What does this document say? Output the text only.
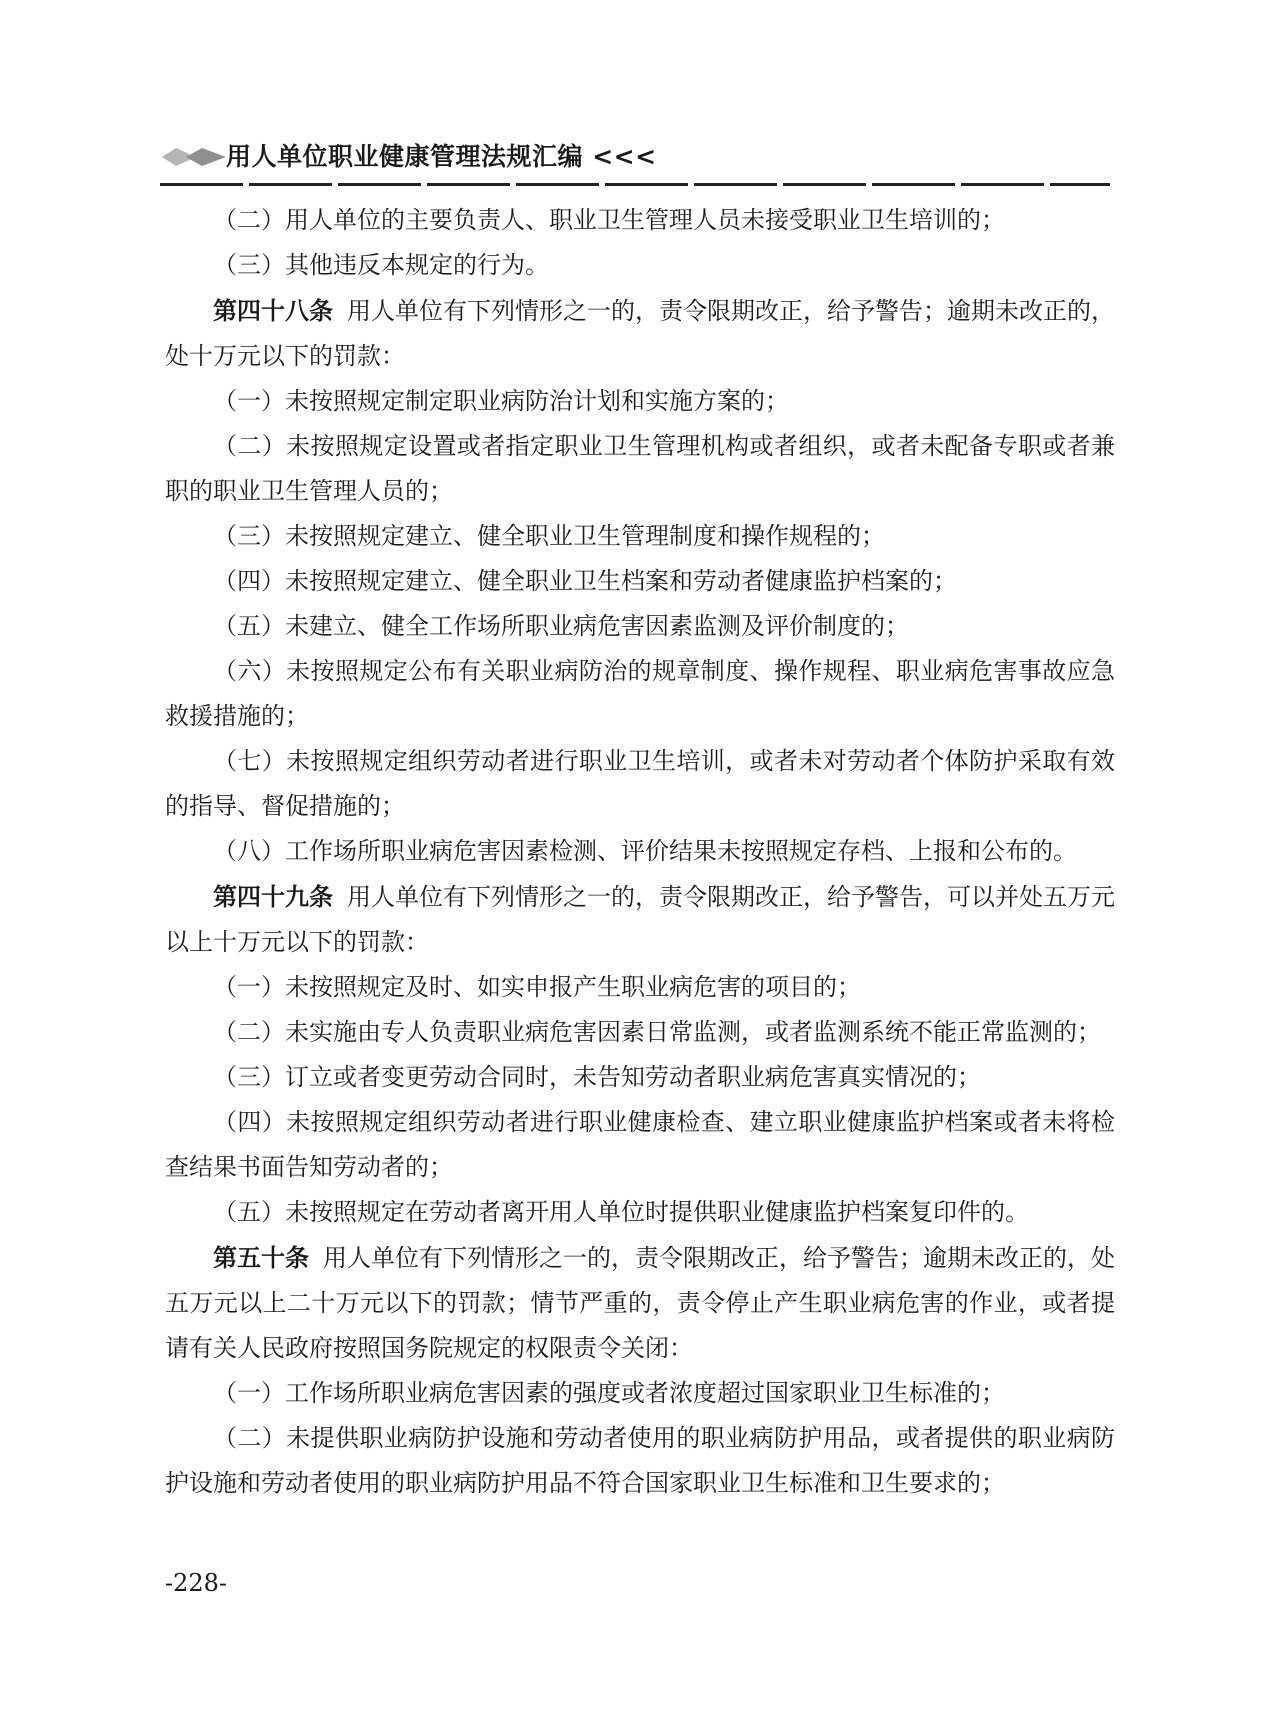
用人单位职业健康管理法规汇编 <<<

（二）用人单位的主要负责人、职业卫生管理人员未接受职业卫生培训的；

（三）其他违反本规定的行为。

第四十八条 用人单位有下列情形之一的，责令限期改正，给予警告；逾期未改正的，处十万元以下的罚款：

（一）未按照规定制定职业病防治计划和实施方案的；

（二）未按照规定设置或者指定职业卫生管理机构或者组织，或者未配备专职或者兼职的职业卫生管理人员的；

（三）未按照规定建立、健全职业卫生管理制度和操作规程的；

（四）未按照规定建立、健全职业卫生档案和劳动者健康监护档案的；

（五）未建立、健全工作场所职业病危害因素监测及评价制度的；

（六）未按照规定公布有关职业病防治的规章制度、操作规程、职业病危害事故应急救援措施的；

（七）未按照规定组织劳动者进行职业卫生培训，或者未对劳动者个体防护采取有效的指导、督促措施的；

（八）工作场所职业病危害因素检测、评价结果未按照规定存档、上报和公布的。

第四十九条 用人单位有下列情形之一的，责令限期改正，给予警告，可以并处五万元以上十万元以下的罚款：

（一）未按照规定及时、如实申报产生职业病危害的项目的；

（二）未实施由专人负责职业病危害因素日常监测，或者监测系统不能正常监测的；

（三）订立或者变更劳动合同时，未告知劳动者职业病危害真实情况的；

（四）未按照规定组织劳动者进行职业健康检查、建立职业健康监护档案或者未将检查结果书面告知劳动者的；

（五）未按照规定在劳动者离开用人单位时提供职业健康监护档案复印件的。

第五十条 用人单位有下列情形之一的，责令限期改正，给予警告；逾期未改正的，处五万元以上二十万元以下的罚款；情节严重的，责令停止产生职业病危害的作业，或者提请有关人民政府按照国务院规定的权限责令关闭：

（一）工作场所职业病危害因素的强度或者浓度超过国家职业卫生标准的；

（二）未提供职业病防护设施和劳动者使用的职业病防护用品，或者提供的职业病防护设施和劳动者使用的职业病防护用品不符合国家职业卫生标准和卫生要求的；

-228-
